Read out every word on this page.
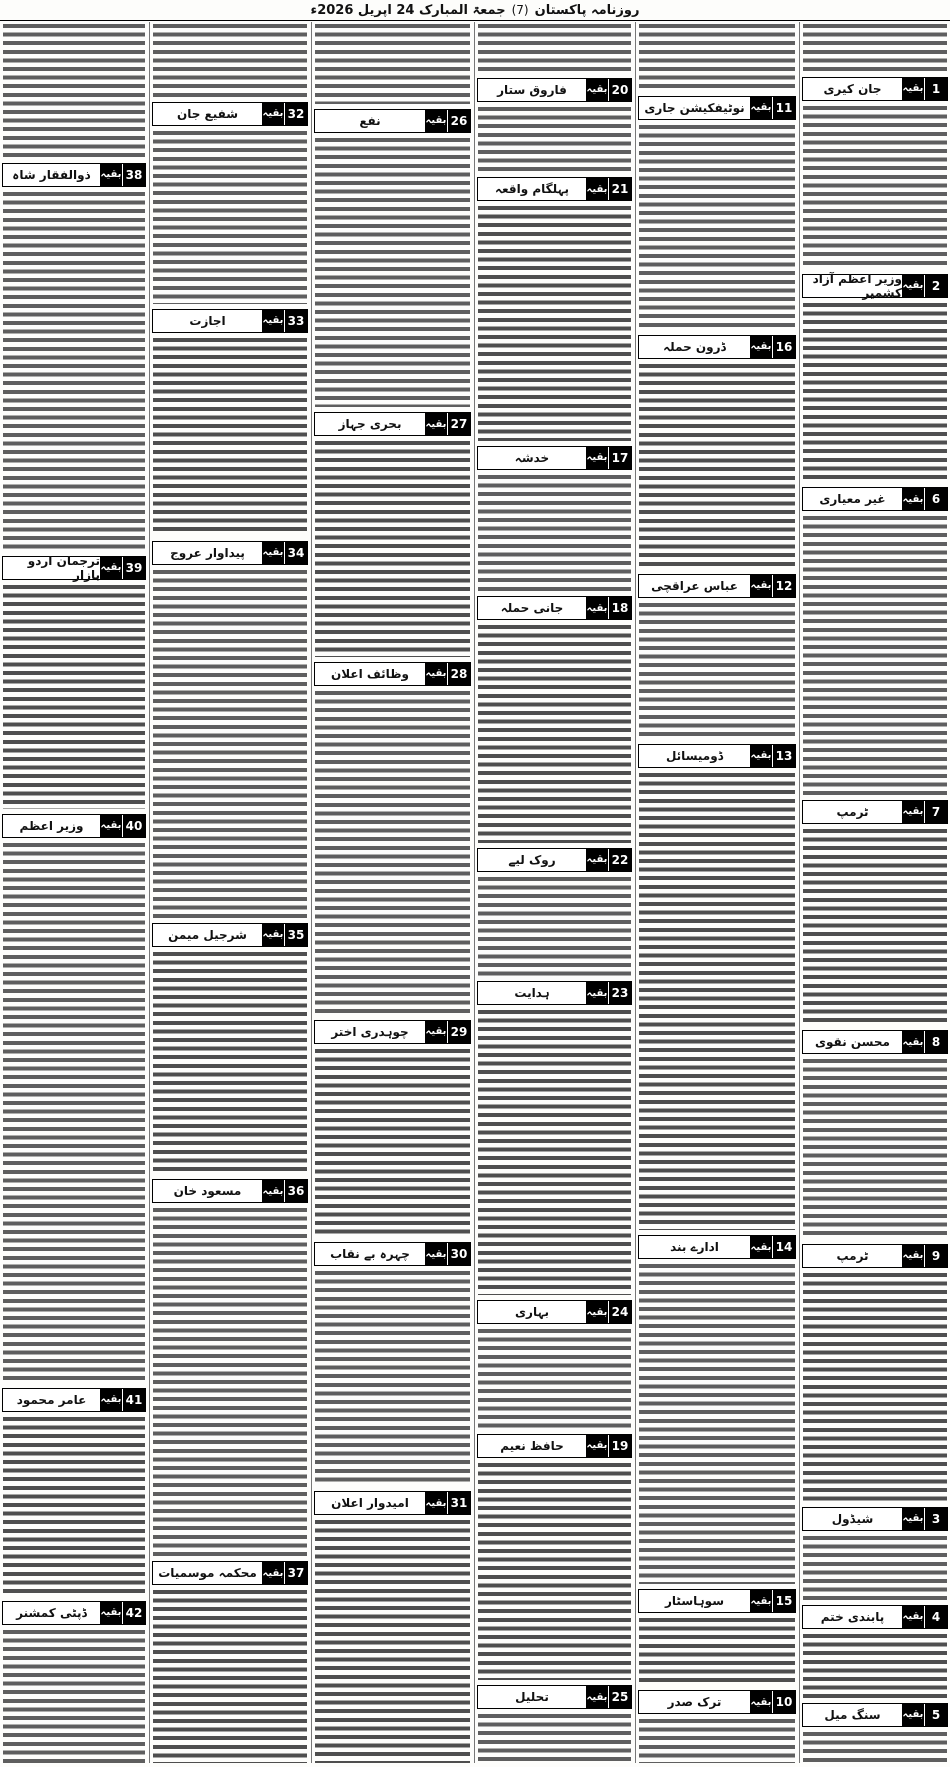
روزنامہ پاکستان
(7)
جمعۃ المبارک 24 اپریل 2026ء
جان کیری	بقیہ 1
وزیر اعظم آزاد کشمیر بقیہ 2
غیر معیاری	بقیہ 6
ٹرمپ	بقیہ 7
محسن نقوی	بقیہ 8
ٹرمپ	بقیہ 9
شیڈول	بقیہ 3
پابندی ختم	بقیہ 4
سنگ میل	بقیہ 5
نوٹیفکیشن جاری بقیہ 11
ڈرون حملہ	بقیہ 16
عباس عراقچی	بقیہ 12
ڈومیسائل	بقیہ 13
ادارے بند	بقیہ 14
سوہاسٹار	بقیہ 15
ترک صدر	بقیہ 10
فاروق ستار	بقیہ 20
پہلگام واقعہ	بقیہ 21
خدشہ	بقیہ 17
جانی حملہ	بقیہ 18
روک لیے	بقیہ 22
ہدایت	بقیہ 23
بہاری	بقیہ 24
حافظ نعیم	بقیہ 19
تحلیل	بقیہ 25
نفع	بقیہ 26
بحری جہاز	بقیہ 27
وظائف اعلان	بقیہ 28
چوہدری اختر	بقیہ 29
چہرہ بے نقاب	بقیہ 30
امیدوار اعلان	بقیہ 31
شفیع جان	بقیہ 32
اجازت	بقیہ 33
پیداوار عروج	بقیہ 34
شرجیل میمن	بقیہ 35
مسعود خان	بقیہ 36
محکمہ موسمیات بقیہ 37
ذوالفقار شاہ بقیہ 38
ترجمان اردو بازار بقیہ 39
وزیر اعظم	بقیہ 40
عامر محمود	بقیہ 41
ڈپٹی کمشنر	بقیہ 42
